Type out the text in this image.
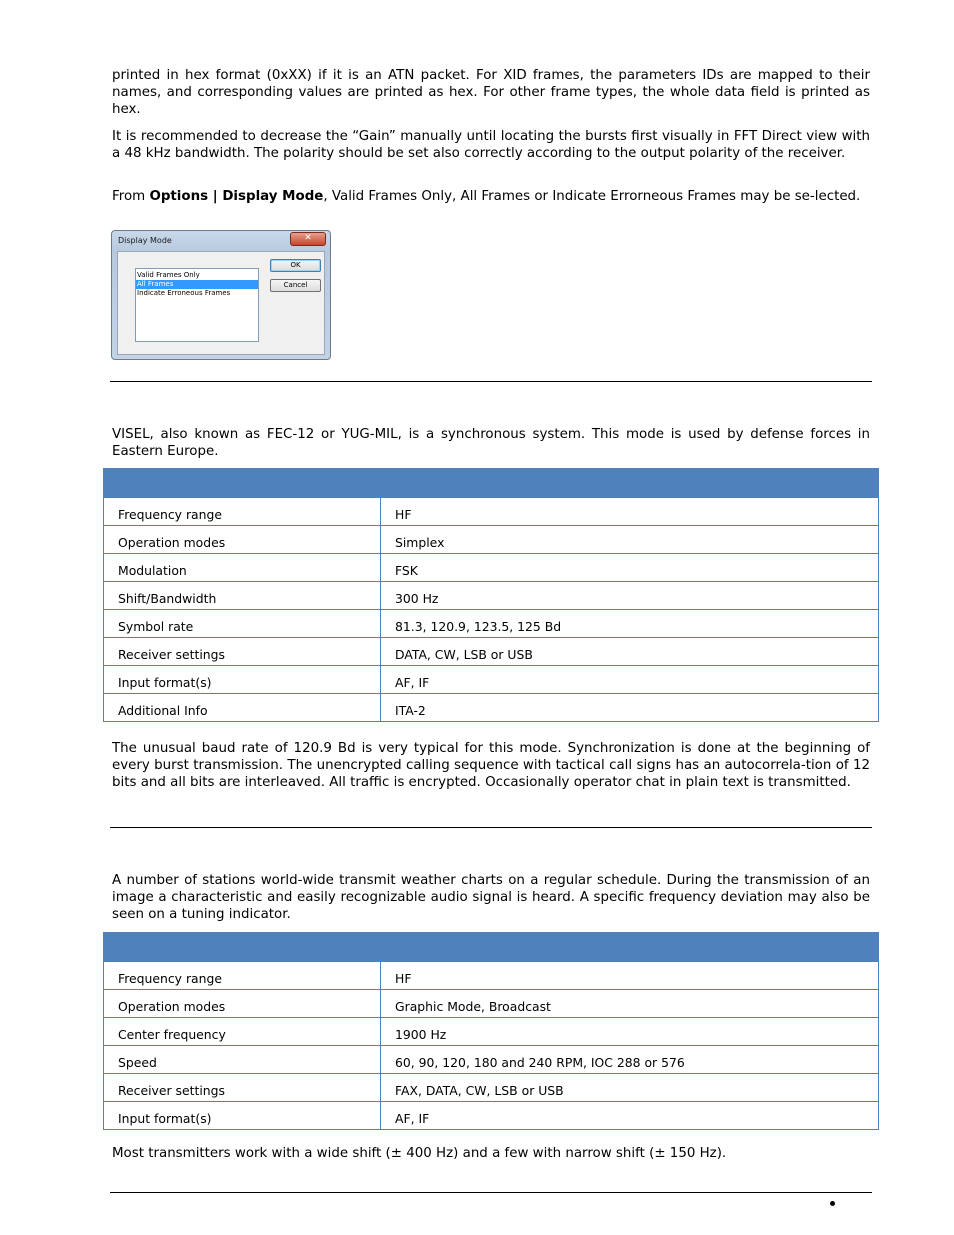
printed in hex format (0xXX) if it is an ATN packet. For XID frames, the parameters IDs are mapped to their names, and corresponding values are printed as hex. For other frame types, the whole data field is printed as hex.

It is recommended to decrease the “Gain” manually until locating the bursts first visually in FFT Direct view with a 48 kHz bandwidth. The polarity should be set also correctly according to the output polarity of the receiver.

From Options | Display Mode, Valid Frames Only, All Frames or Indicate Errorneous Frames may be se-lected.

Display Mode	✕
Valid Frames Only
All Frames
Indicate Erroneous Frames
OK
Cancel

VISEL, also known as FEC-12 or YUG-MIL, is a synchronous system. This mode is used by defense forces in Eastern Europe.

Frequency range	HF
Operation modes	Simplex
Modulation	FSK
Shift/Bandwidth	300 Hz
Symbol rate	81.3, 120.9, 123.5, 125 Bd
Receiver settings	DATA, CW, LSB or USB
Input format(s)	AF, IF
Additional Info	ITA-2

The unusual baud rate of 120.9 Bd is very typical for this mode. Synchronization is done at the beginning of every burst transmission. The unencrypted calling sequence with tactical call signs has an autocorrela-tion of 12 bits and all bits are interleaved. All traffic is encrypted. Occasionally operator chat in plain text is transmitted.

A number of stations world-wide transmit weather charts on a regular schedule. During the transmission of an image a characteristic and easily recognizable audio signal is heard. A specific frequency deviation may also be seen on a tuning indicator.

Frequency range	HF
Operation modes	Graphic Mode, Broadcast
Center frequency	1900 Hz
Speed	60, 90, 120, 180 and 240 RPM, IOC 288 or 576
Receiver settings	FAX, DATA, CW, LSB or USB
Input format(s)	AF, IF

Most transmitters work with a wide shift (± 400 Hz) and a few with narrow shift (± 150 Hz).
